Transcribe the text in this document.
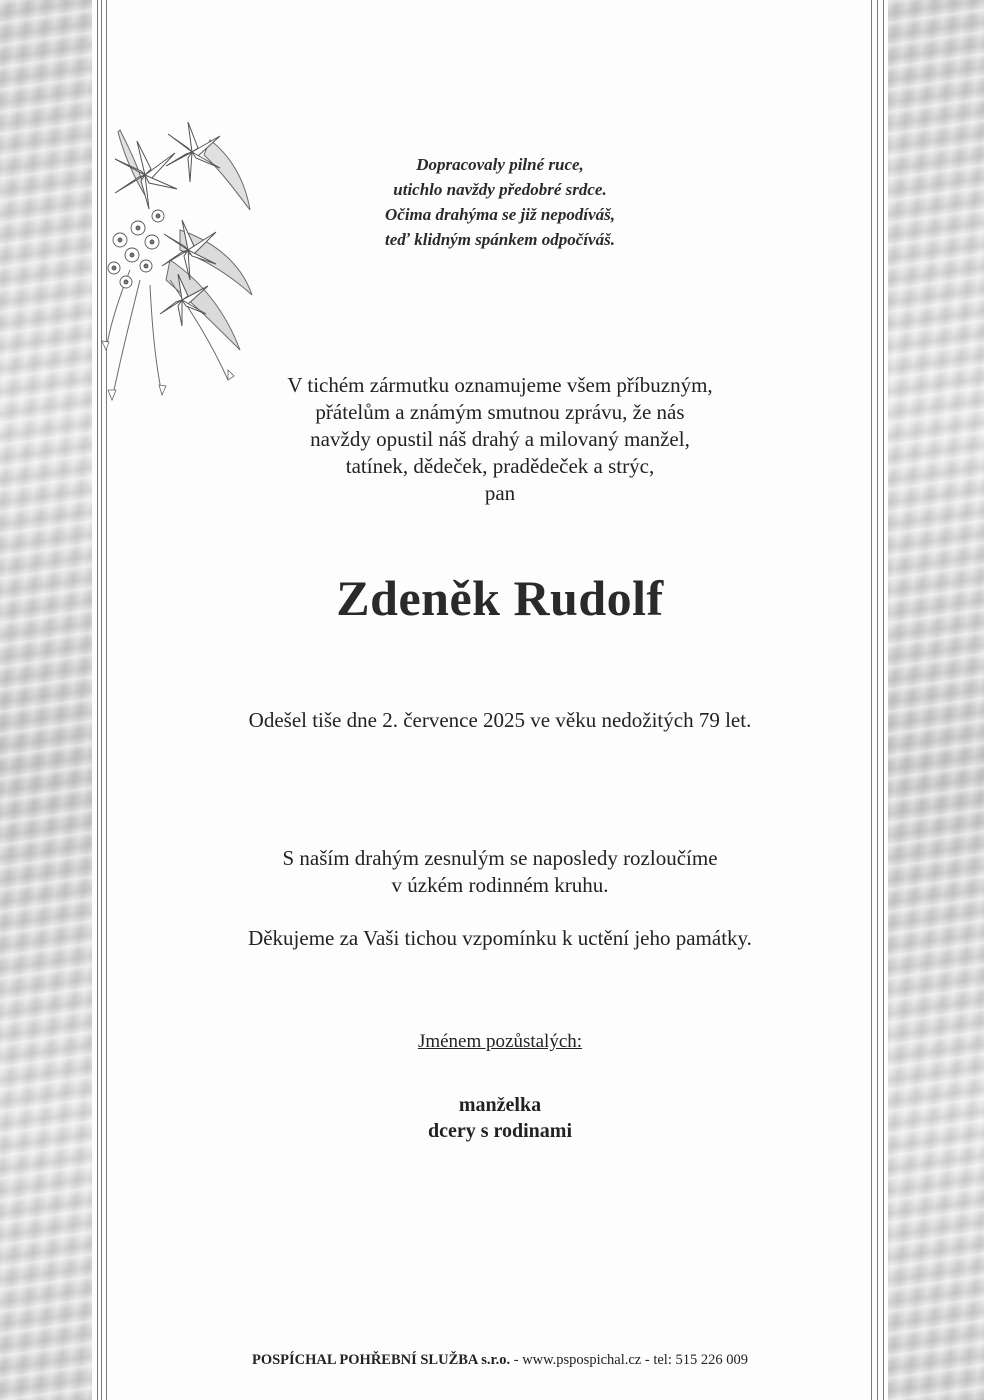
Dopracovaly pilné ruce,
utichlo navždy předobré srdce.
Očima drahýma se již nepodíváš,
teď klidným spánkem odpočíváš.
V tichém zármutku oznamujeme všem příbuzným,
přátelům a známým smutnou zprávu, že nás
navždy opustil náš drahý a milovaný manžel,
tatínek, dědeček, pradědeček a strýc,
pan
Zdeněk Rudolf
Odešel tiše dne 2. července 2025 ve věku nedožitých 79 let.
S naším drahým zesnulým se naposledy rozloučíme
v úzkém rodinném kruhu.
Děkujeme za Vaši tichou vzpomínku k uctění jeho památky.
Jménem pozůstalých:
manželka
dcery s rodinami
POSPÍCHAL POHŘEBNÍ SLUŽBA s.r.o. - www.pspospichal.cz - tel: 515 226 009
